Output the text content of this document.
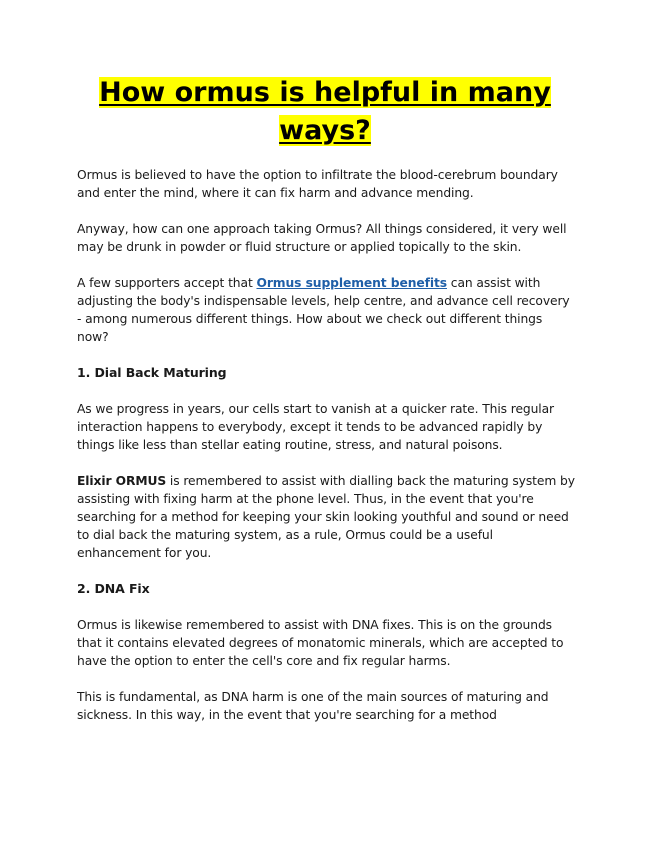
How ormus is helpful in many
ways?

Ormus is believed to have the option to infiltrate the blood-cerebrum boundary and enter the mind, where it can fix harm and advance mending.

Anyway, how can one approach taking Ormus? All things considered, it very well may be drunk in powder or fluid structure or applied topically to the skin.

A few supporters accept that Ormus supplement benefits can assist with adjusting the body's indispensable levels, help centre, and advance cell recovery - among numerous different things. How about we check out different things now?

1. Dial Back Maturing

As we progress in years, our cells start to vanish at a quicker rate. This regular interaction happens to everybody, except it tends to be advanced rapidly by things like less than stellar eating routine, stress, and natural poisons.

Elixir ORMUS is remembered to assist with dialling back the maturing system by assisting with fixing harm at the phone level. Thus, in the event that you're searching for a method for keeping your skin looking youthful and sound or need to dial back the maturing system, as a rule, Ormus could be a useful enhancement for you.

2. DNA Fix

Ormus is likewise remembered to assist with DNA fixes. This is on the grounds that it contains elevated degrees of monatomic minerals, which are accepted to have the option to enter the cell's core and fix regular harms.

This is fundamental, as DNA harm is one of the main sources of maturing and sickness. In this way, in the event that you're searching for a method
